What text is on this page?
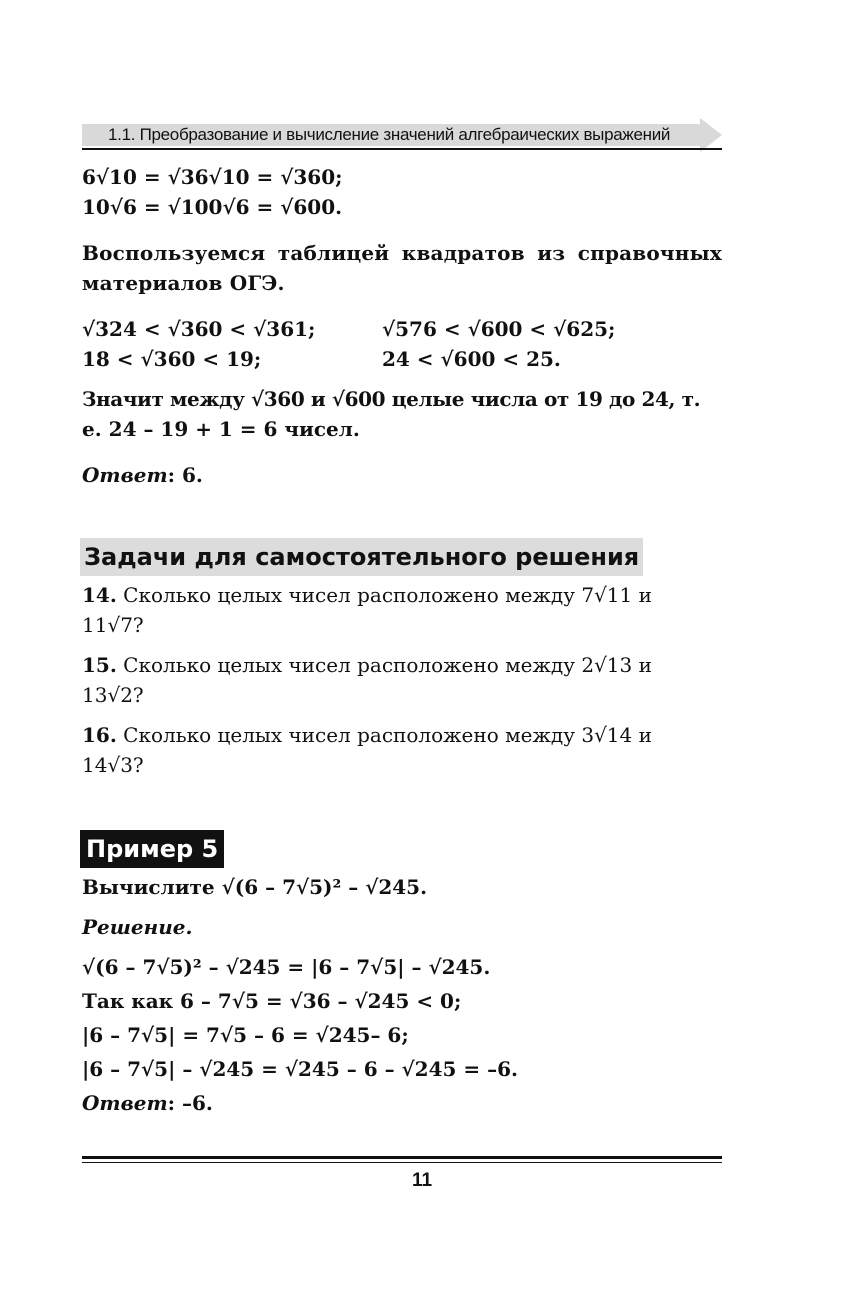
1.1. Преобразование и вычисление значений алгебраических выражений
6√10 = √36√10 = √360;
10√6 = √100√6 = √600.
Воспользуемся таблицей квадратов из справочных материалов ОГЭ.
√324 < √360 < √361;	√576 < √600 < √625;
18 < √360 < 19;	24 < √600 < 25.
Значит между √360 и √600 целые числа от 19 до 24, т.
е. 24 – 19 + 1 = 6 чисел.
Ответ: 6.
Задачи для самостоятельного решения
14. Сколько целых чисел расположено между 7√11 и
11√7?
15. Сколько целых чисел расположено между 2√13 и
13√2?
16. Сколько целых чисел расположено между 3√14 и
14√3?
Пример 5
Вычислите √(6 – 7√5)² – √245.
Решение.
√(6 – 7√5)² – √245 = |6 – 7√5| – √245.
Так как 6 – 7√5 = √36 – √245 < 0;
|6 – 7√5| = 7√5 – 6 = √245– 6;
|6 – 7√5| – √245 = √245 – 6 – √245 = –6.
Ответ: –6.
11
